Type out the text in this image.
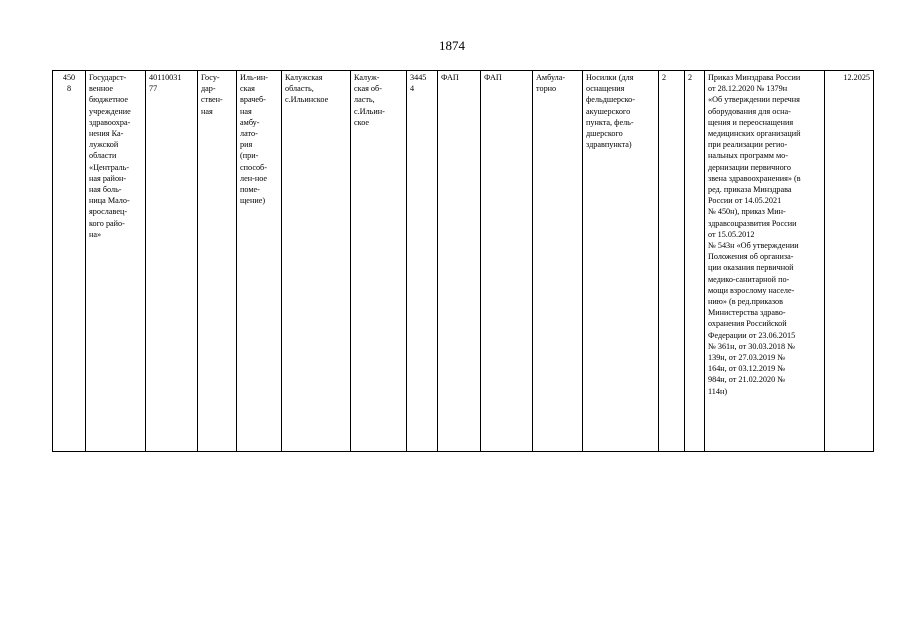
1874
450
8	Государст-
венное
бюджетное
учреждение
здравоохра-
нения Ка-
лужской
области
«Централь-
ная район-
ная боль-
ница Мало-
ярославец-
кого райо-
на»	40110031
77	Госу-
дар-
ствен-
ная	Иль-ин-
ская
врачеб-
ная
амбу-
лато-
рия
(при-
способ-
лен-ное
поме-
щение)	Калужская
область,
с.Ильинское	Калуж-
ская об-
ласть,
с.Ильин-
ское	3445
4	ФАП	ФАП	Амбула-
торно	Носилки (для
оснащения
фельдшерско-
акушерского
пункта, фель-
дшерского
здравпункта)	2	2	Приказ Минздрава России
от 28.12.2020 № 1379н
«Об утверждении перечня
оборудования для осна-
щения и переоснащения
медицинских организаций
при реализации регио-
нальных программ мо-
дернизации первичного
звена здравоохранения» (в
ред. приказа Минздрава
России от 14.05.2021
№ 450н), приказ Мин-
здравсоцразвития России
от 15.05.2012
№ 543н «Об утверждении
Положения об организа-
ции оказания первичной
медико-санитарной по-
мощи взрослому населе-
нию» (в ред.приказов
Министерства здраво-
охранения Российской
Федерации от 23.06.2015
№ 361н, от 30.03.2018 №
139н, от 27.03.2019 №
164н, от 03.12.2019 №
984н, от 21.02.2020 №
114н)	12.2025
